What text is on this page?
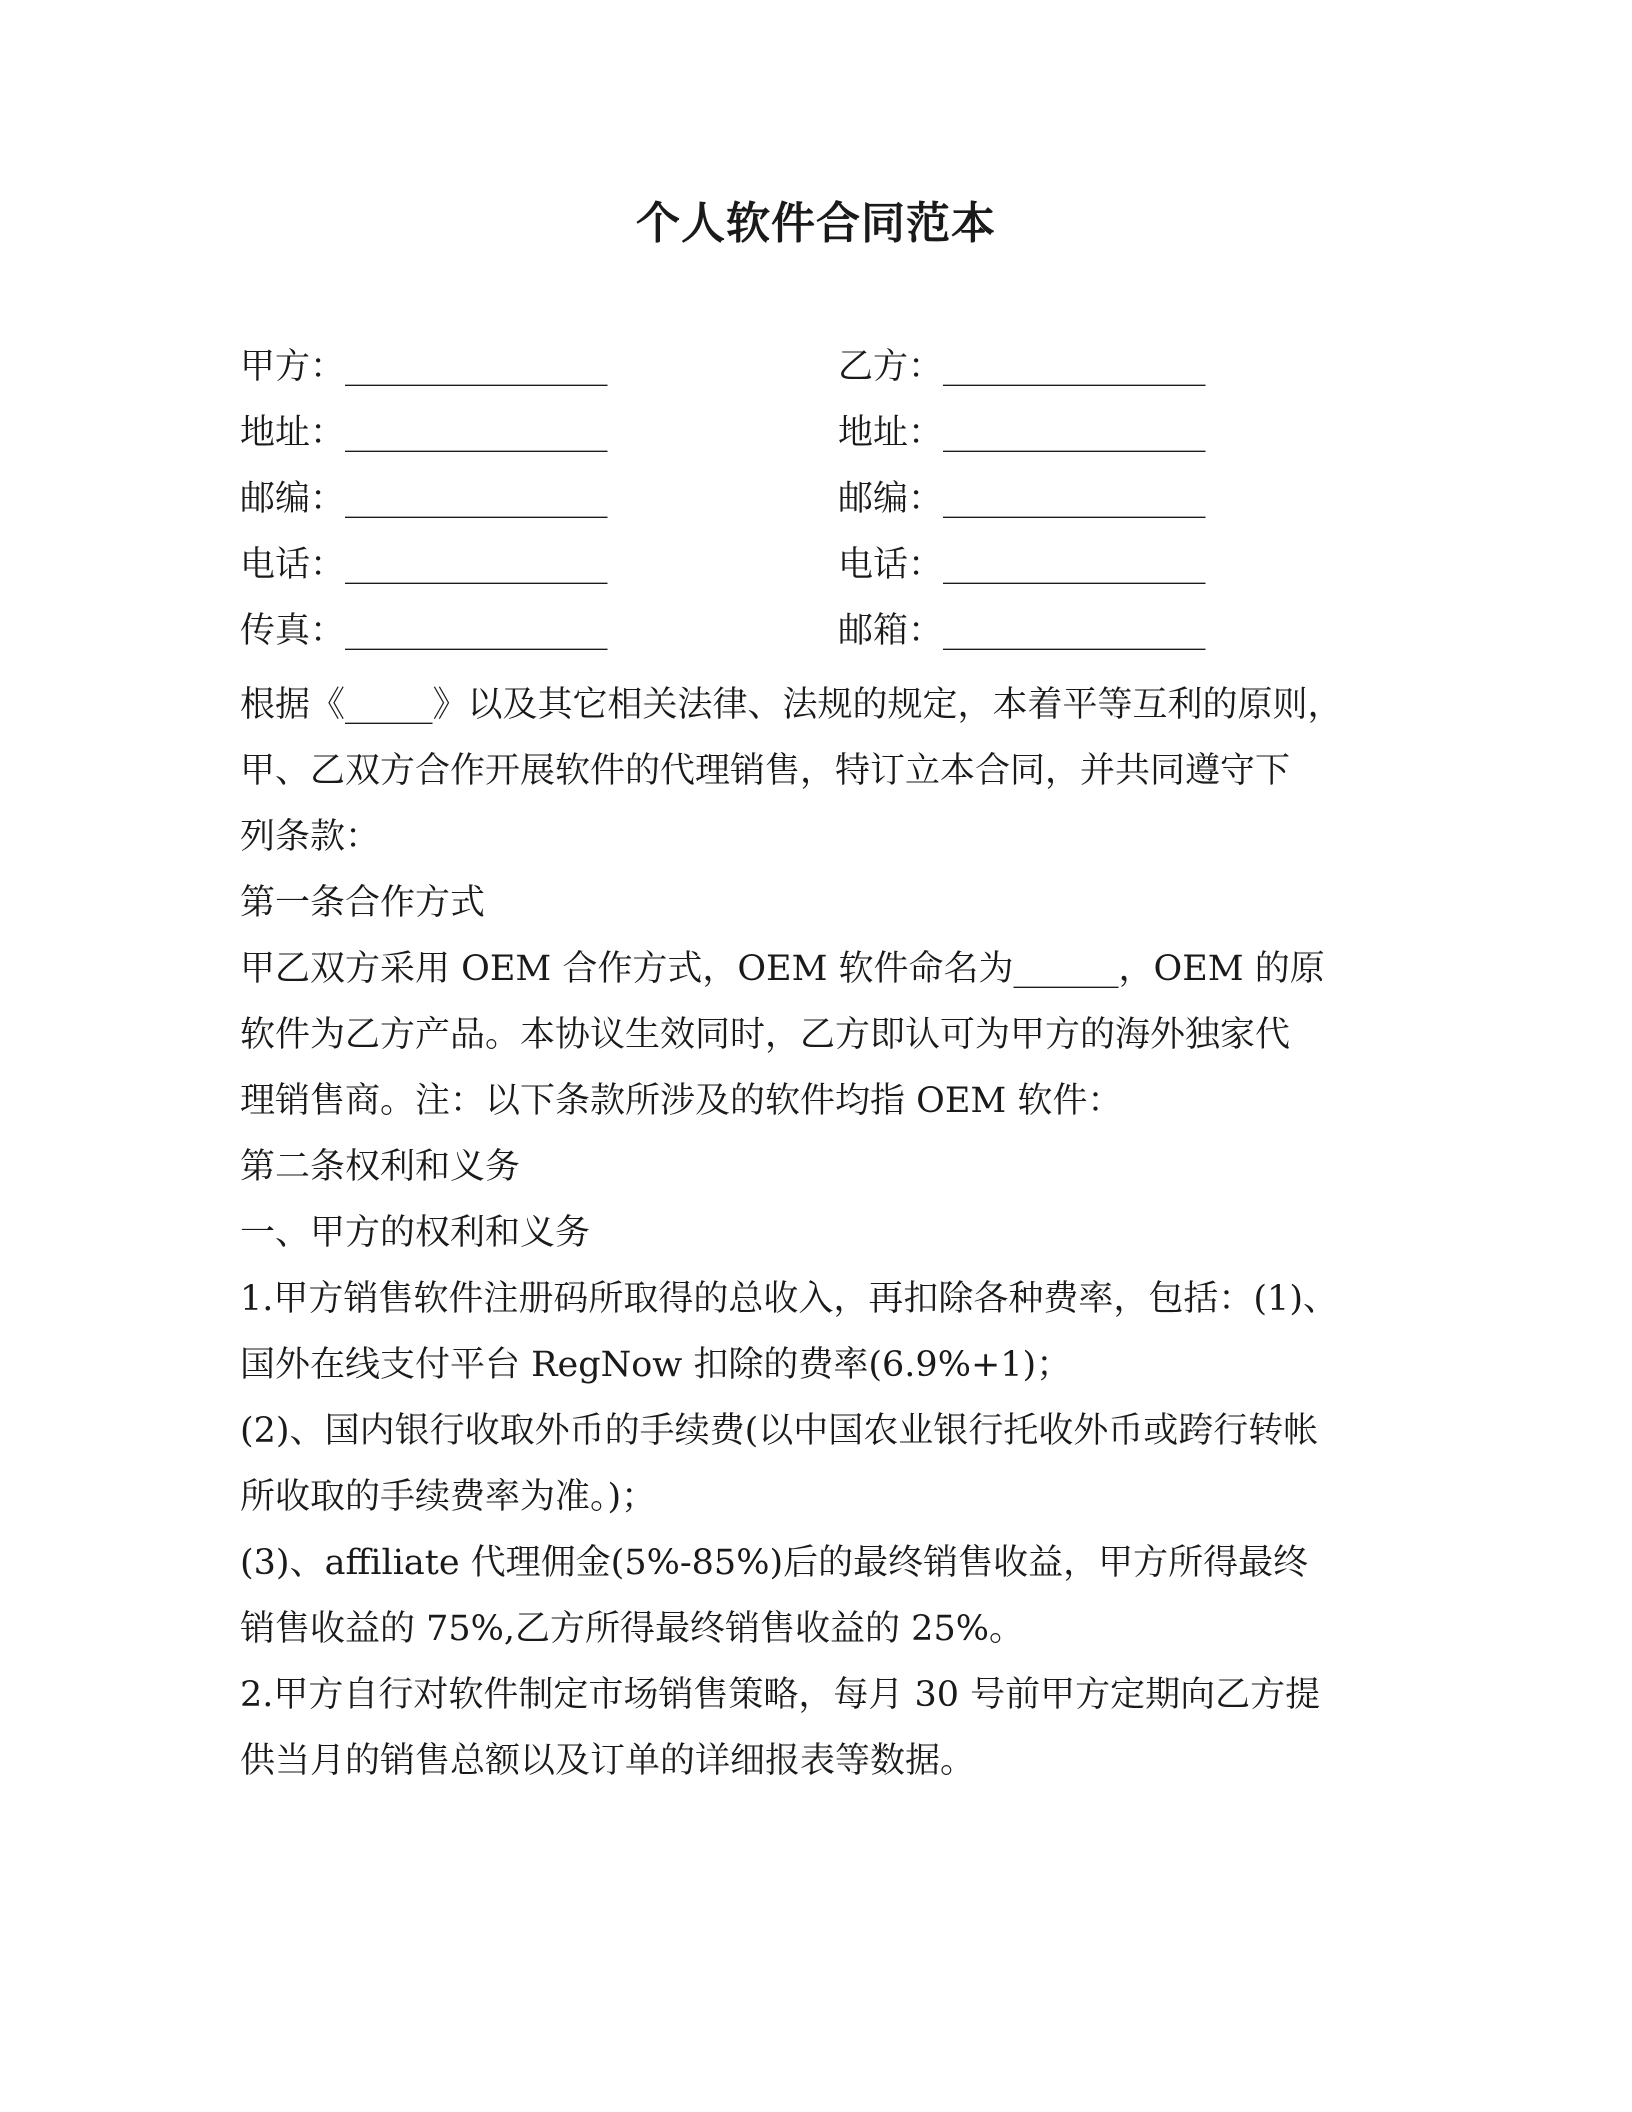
个人软件合同范本
甲方：_______________	乙方：_______________
地址：_______________	地址：_______________
邮编：_______________	邮编：_______________
电话：_______________	电话：_______________
传真：_______________	邮箱：_______________
根据《_____》以及其它相关法律、法规的规定，本着平等互利的原则，
甲、乙双方合作开展软件的代理销售，特订立本合同，并共同遵守下
列条款：
第一条合作方式
甲乙双方采用 OEM 合作方式，OEM 软件命名为______，OEM 的原
软件为乙方产品。本协议生效同时，乙方即认可为甲方的海外独家代
理销售商。注：以下条款所涉及的软件均指 OEM 软件：
第二条权利和义务
一、甲方的权利和义务
1.甲方销售软件注册码所取得的总收入，再扣除各种费率，包括：(1)、
国外在线支付平台 RegNow 扣除的费率(6.9%+1)；
(2)、国内银行收取外币的手续费(以中国农业银行托收外币或跨行转帐
所收取的手续费率为准。)；
(3)、affiliate 代理佣金(5%-85%)后的最终销售收益，甲方所得最终
销售收益的 75%,乙方所得最终销售收益的 25%。
2.甲方自行对软件制定市场销售策略，每月 30 号前甲方定期向乙方提
供当月的销售总额以及订单的详细报表等数据。
